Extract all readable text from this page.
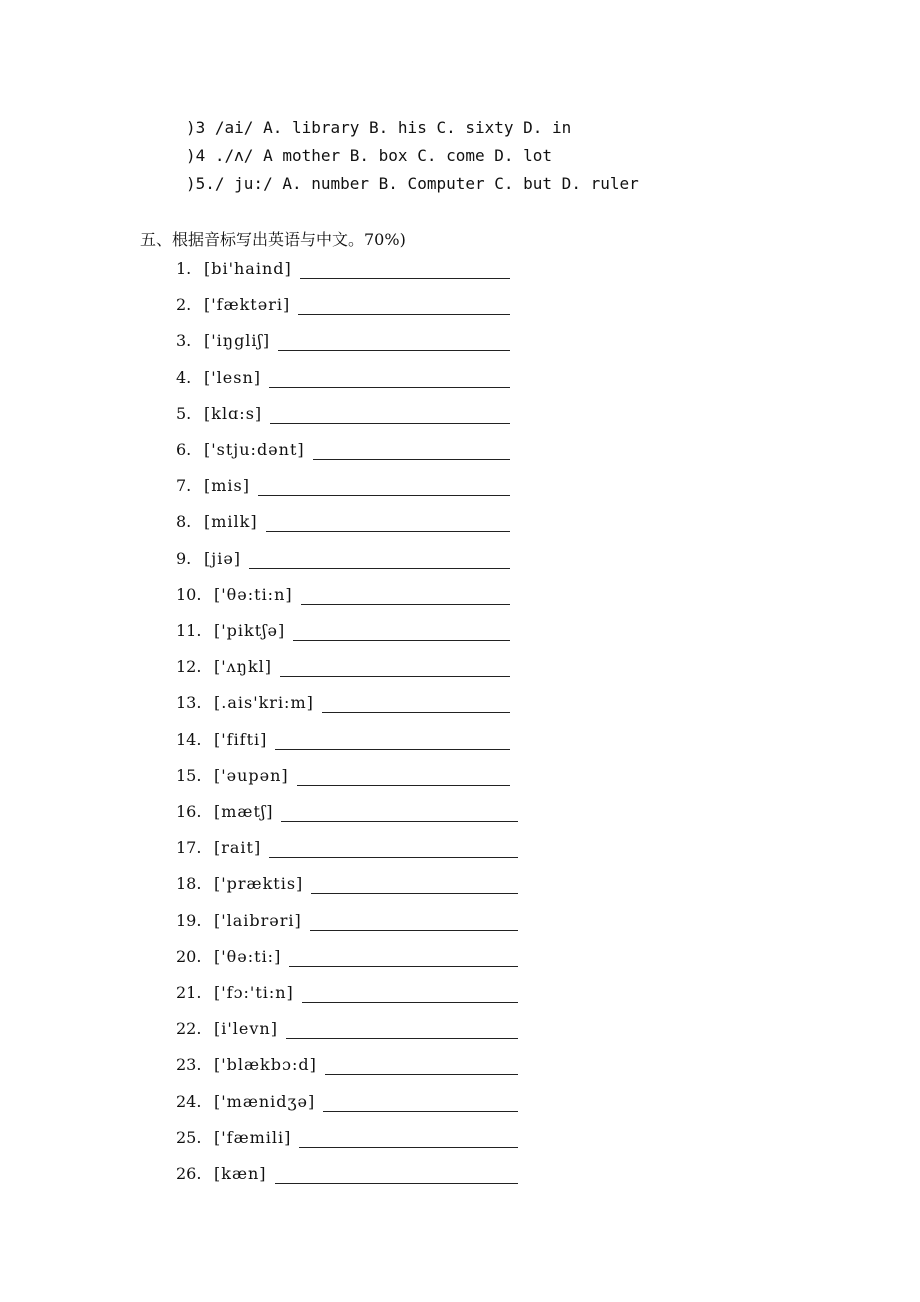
)3 /ai/ A. library B. his C. sixty D. in
)4 ./ʌ/ A mother B. box C. come D. lot
)5./ ju:/ A. number B. Computer C. but D. ruler
五、根据音标写出英语与中文。70%)
1. [bi'haind]
2. ['fæktəri]
3. ['iŋgliʃ]
4. ['lesn]
5. [klɑ:s]
6. ['stju:dənt]
7. [mis]
8. [milk]
9. [jiə]
10. ['θə:ti:n]
11. ['piktʃə]
12. ['ʌŋkl]
13. [.ais'kri:m]
14. ['fifti]
15. ['əupən]
16. [mætʃ]
17. [rait]
18. ['præktis]
19. ['laibrəri]
20. ['θə:ti:]
21. ['fɔ:'ti:n]
22. [i'levn]
23. ['blækbɔ:d]
24. ['mænidʒə]
25. ['fæmili]
26. [kæn]
